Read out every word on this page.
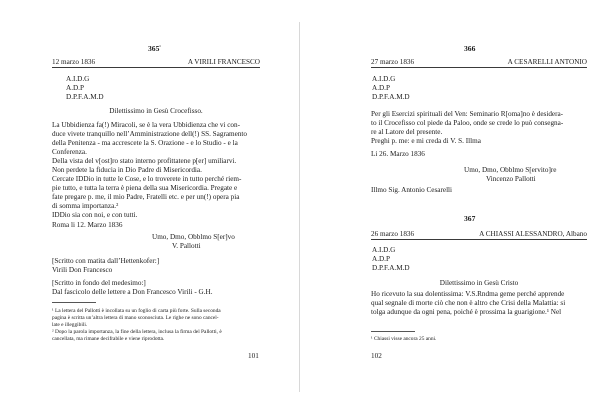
$365^{^1}$
12 marzo 1836	A VIRILI FRANCESCO
A.I.D.G
A.D.P
D.P.F.A.M.D
Dilettissimo in Gesù Crocefisso.
La Ubbidienza fa(!) Miracoli, se è la vera Ubbidienza che vi con-
duce vivete tranquillo nell’Amministrazione dell(!) SS. Sagramento
della Penitenza - ma accrescete la S. Orazione - e lo Studio - e la
Conferenza.
Della vista del v[ost]ro stato interno profittatene p[er] umiliarvi.
Non perdete la fiducia in Dio Padre di Misericordia.
Cercate IDDio in tutte le Cose, e lo troverete in tutto perché riem-
pie tutto, e tutta la terra è piena della sua Misericordia. Pregate e
fate pregare p. me, il mio Padre, Fratelli etc. e per un(!) opera pia
di somma importanza.²
IDDio sia con noi, e con tutti.
Roma li 12. Marzo 1836
Umo, Dmo, Obblmo S[er]vo
V. Pallotti
[Scritto con matita dall’Hettenkofer:]
Virili Don Francesco
[Scritto in fondo del medesimo:]
Dal fascicolo delle lettere a Don Francesco Virili - G.H.
¹ La lettera del Pallotti è incollata su un foglio di carta più forte. Sulla seconda
pagina è scritta un’altra lettera di mano sconosciuta. Le righe ne sono cancel-
late e illeggibili.
² Dopo la parola importanza, la fine della lettera, inclusa la firma del Pallotti, è
cancellata, ma rimane decifrabile e viene riprodotta.
101
366
27 marzo 1836	A CESARELLI ANTONIO
A.I.D.G
A.D.P
D.P.F.A.M.D
Per gli Esercizi spirituali del Ven: Seminario R[oma]no è desidera-
to il Crocefisso col piede da Paloo, onde se crede lo può consegna-
re al Latore del presente.
Preghi p. me: e mi creda di V. S. Illma
Li 26. Marzo 1836
Umo, Dmo, Obblmo S[ervito]re
Vincenzo Pallotti
Illmo Sig. Antonio Cesarelli
367
26 marzo 1836	A CHIASSI ALESSANDRO, Albano
A.I.D.G
A.D.P
D.P.F.A.M.D
Dilettissimo in Gesù Cristo
Ho ricevuto la sua dolentissima: V.S.Rndma geme perché apprende
qual segnale di morte ciò che non è altro che Crisi della Malattia: si
tolga adunque da ogni pena, poiché è prossima la guarigione.¹ Nel
¹ Chiassi visse ancora 25 anni.
102
